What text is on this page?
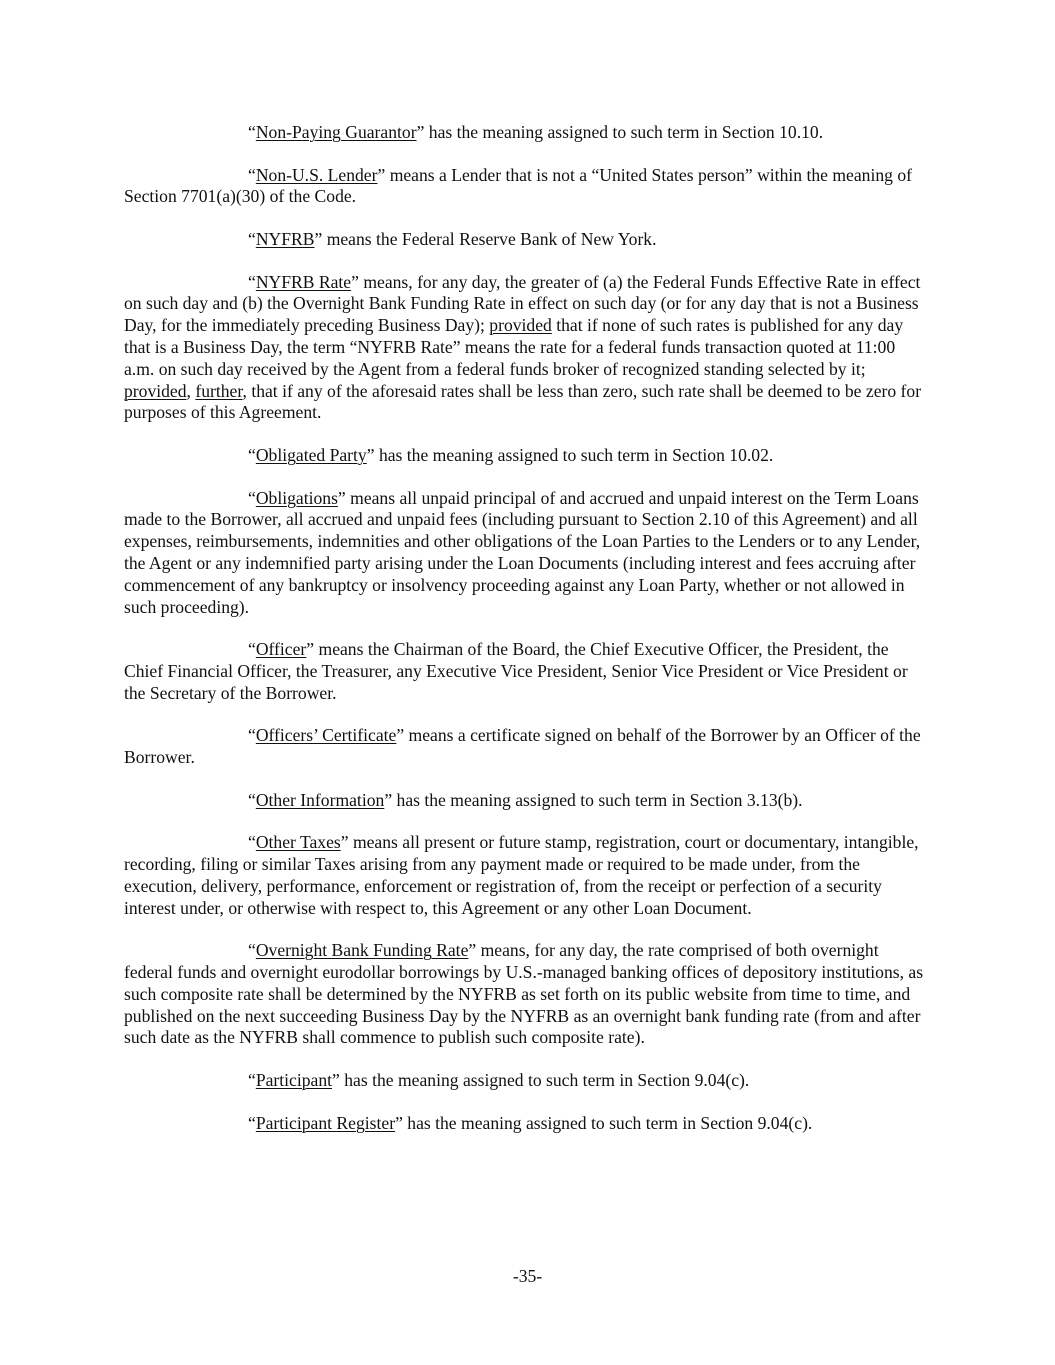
“Non-Paying Guarantor” has the meaning assigned to such term in Section 10.10.

“Non-U.S. Lender” means a Lender that is not a “United States person” within the meaning of Section 7701(a)(30) of the Code.

“NYFRB” means the Federal Reserve Bank of New York.

“NYFRB Rate” means, for any day, the greater of (a) the Federal Funds Effective Rate in effect on such day and (b) the Overnight Bank Funding Rate in effect on such day (or for any day that is not a Business Day, for the immediately preceding Business Day); provided that if none of such rates is published for any day that is a Business Day, the term “NYFRB Rate” means the rate for a federal funds transaction quoted at 11:00 a.m. on such day received by the Agent from a federal funds broker of recognized standing selected by it; provided, further, that if any of the aforesaid rates shall be less than zero, such rate shall be deemed to be zero for purposes of this Agreement.

“Obligated Party” has the meaning assigned to such term in Section 10.02.

“Obligations” means all unpaid principal of and accrued and unpaid interest on the Term Loans made to the Borrower, all accrued and unpaid fees (including pursuant to Section 2.10 of this Agreement) and all expenses, reimbursements, indemnities and other obligations of the Loan Parties to the Lenders or to any Lender, the Agent or any indemnified party arising under the Loan Documents (including interest and fees accruing after commencement of any bankruptcy or insolvency proceeding against any Loan Party, whether or not allowed in such proceeding).

“Officer” means the Chairman of the Board, the Chief Executive Officer, the President, the Chief Financial Officer, the Treasurer, any Executive Vice President, Senior Vice President or Vice President or the Secretary of the Borrower.

“Officers’ Certificate” means a certificate signed on behalf of the Borrower by an Officer of the Borrower.

“Other Information” has the meaning assigned to such term in Section 3.13(b).

“Other Taxes” means all present or future stamp, registration, court or documentary, intangible, recording, filing or similar Taxes arising from any payment made or required to be made under, from the execution, delivery, performance, enforcement or registration of, from the receipt or perfection of a security interest under, or otherwise with respect to, this Agreement or any other Loan Document.

“Overnight Bank Funding Rate” means, for any day, the rate comprised of both overnight federal funds and overnight eurodollar borrowings by U.S.-managed banking offices of depository institutions, as such composite rate shall be determined by the NYFRB as set forth on its public website from time to time, and published on the next succeeding Business Day by the NYFRB as an overnight bank funding rate (from and after such date as the NYFRB shall commence to publish such composite rate).

“Participant” has the meaning assigned to such term in Section 9.04(c).

“Participant Register” has the meaning assigned to such term in Section 9.04(c).

-35-
